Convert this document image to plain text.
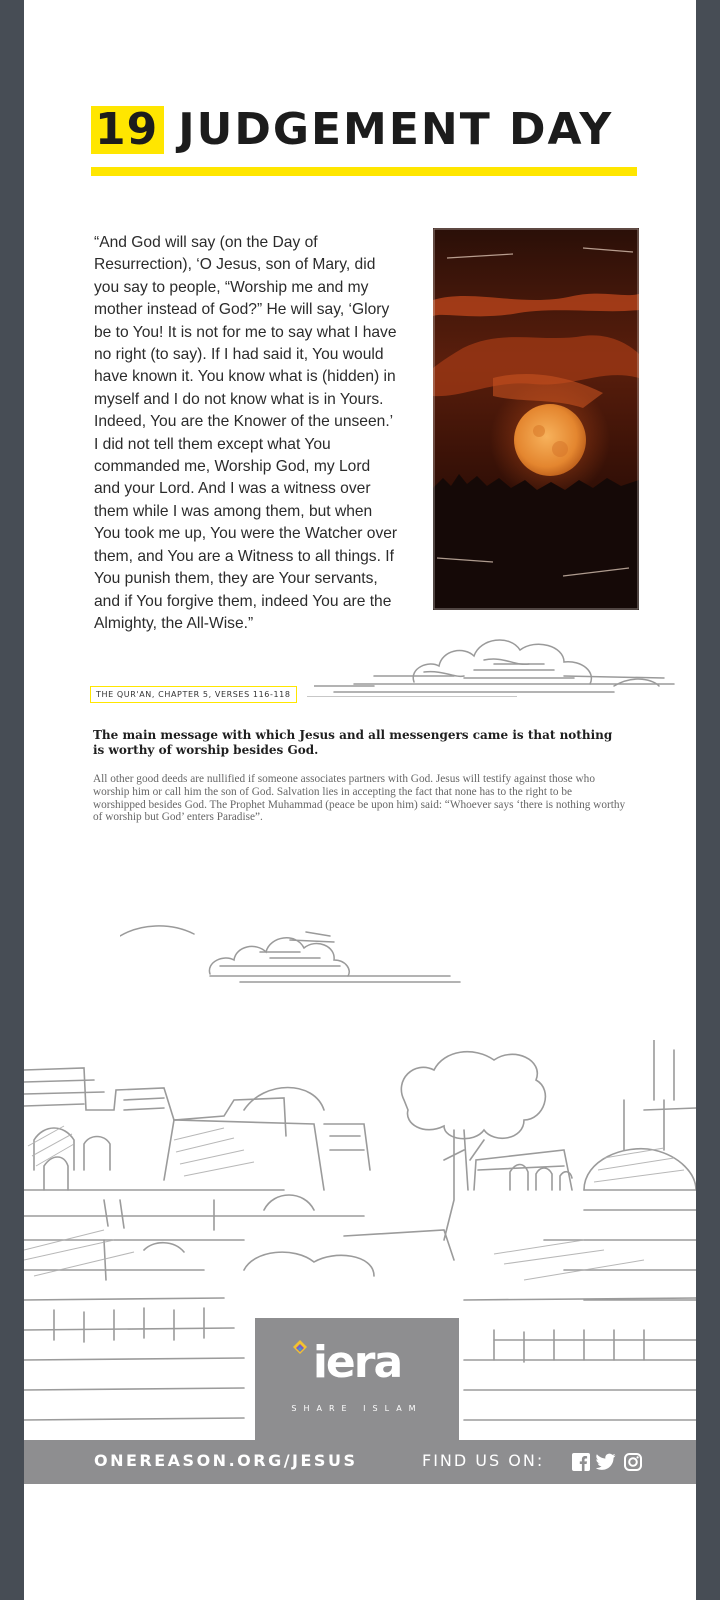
19 JUDGEMENT DAY
“And God will say (on the Day of Resurrection), ‘O Jesus, son of Mary, did you say to people, “Worship me and my mother instead of God?” He will say, ‘Glory be to You! It is not for me to say what I have no right (to say). If I had said it, You would have known it. You know what is (hidden) in myself and I do not know what is in Yours. Indeed, You are the Knower of the unseen.’ I did not tell them except what You commanded me, Worship God, my Lord and your Lord. And I was a witness over them while I was among them, but when You took me up, You were the Watcher over them, and You are a Witness to all things. If You punish them, they are Your servants, and if You forgive them, indeed You are the Almighty, the All-Wise.”
THE QUR'AN, CHAPTER 5, VERSES 116-118
The main message with which Jesus and all messengers came is that nothing is worthy of worship besides God.
All other good deeds are nullified if someone associates partners with God. Jesus will testify against those who worship him or call him the son of God. Salvation lies in accepting the fact that none has to the right to be worshipped besides God. The Prophet Muhammad (peace be upon him) said: “Whoever says ‘there is nothing worthy of worship but God’ enters Paradise”.
iera
SHARE ISLAM
ONEREASON.ORG/JESUS	FIND US ON:
